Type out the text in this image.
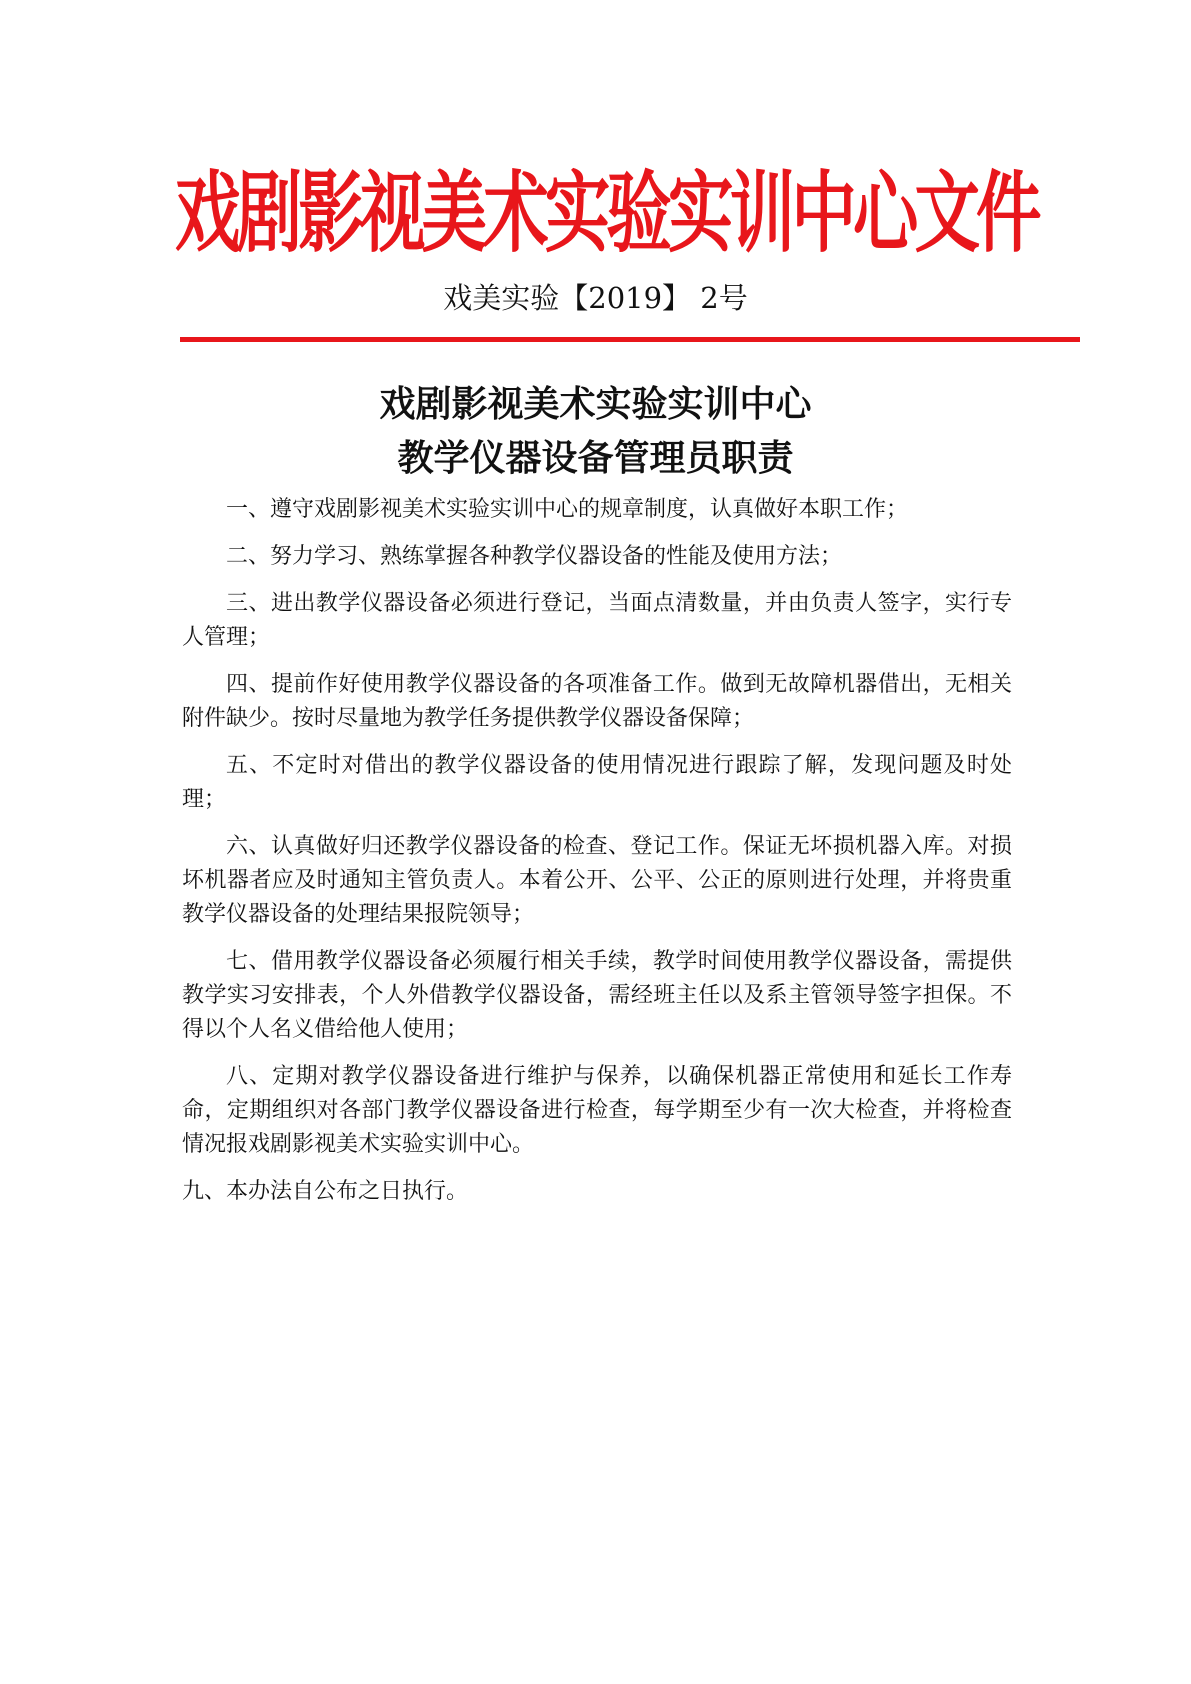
戏剧影视美术实验实训中心文件
戏美实验【2019】 2号
戏剧影视美术实验实训中心
教学仪器设备管理员职责

一、遵守戏剧影视美术实验实训中心的规章制度，认真做好本职工作；

二、努力学习、熟练掌握各种教学仪器设备的性能及使用方法；

三、进出教学仪器设备必须进行登记，当面点清数量，并由负责人签字，实行专人管理；

四、提前作好使用教学仪器设备的各项准备工作。做到无故障机器借出，无相关附件缺少。按时尽量地为教学任务提供教学仪器设备保障；

五、不定时对借出的教学仪器设备的使用情况进行跟踪了解，发现问题及时处理；

六、认真做好归还教学仪器设备的检查、登记工作。保证无坏损机器入库。对损坏机器者应及时通知主管负责人。本着公开、公平、公正的原则进行处理，并将贵重教学仪器设备的处理结果报院领导；

七、借用教学仪器设备必须履行相关手续，教学时间使用教学仪器设备，需提供教学实习安排表，个人外借教学仪器设备，需经班主任以及系主管领导签字担保。不得以个人名义借给他人使用；

八、定期对教学仪器设备进行维护与保养，以确保机器正常使用和延长工作寿命，定期组织对各部门教学仪器设备进行检查，每学期至少有一次大检查，并将检查情况报戏剧影视美术实验实训中心。

九、本办法自公布之日执行。
